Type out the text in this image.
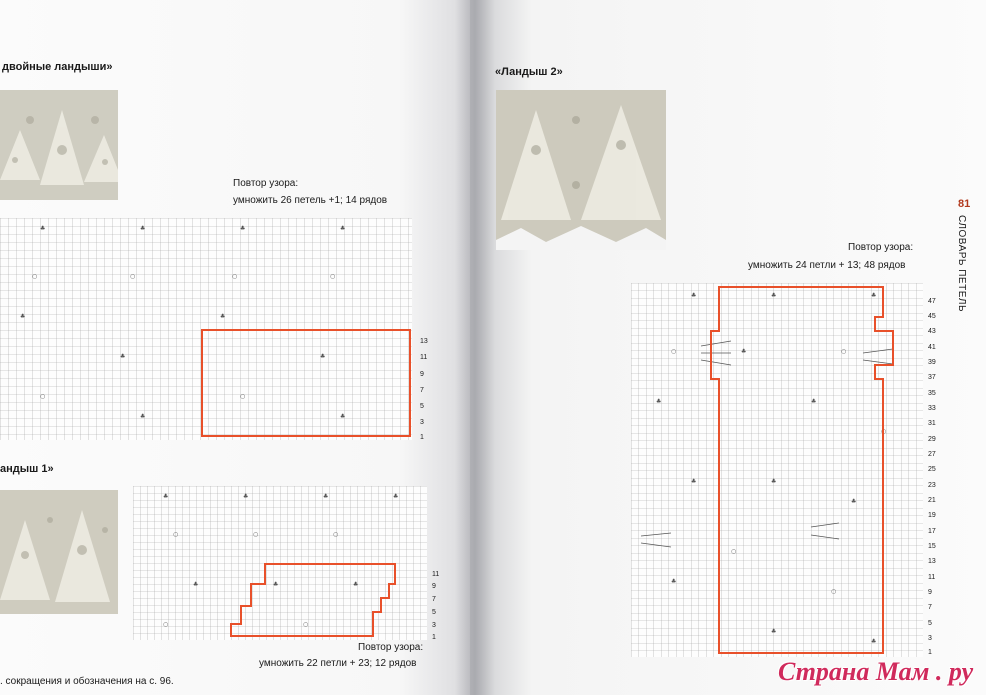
двойные ландыши»
Повтор узора:
умножить 26 петель +1; 14 рядов
♣	♣	♣	♣
○	○	○	○
♣	♣
♣	♣
○	○
♣	♣
13
11
9
7
5
3
1
андыш 1»
♣	♣	♣	♣
○	○	○
♣	♣	♣
○	○
11
9
7
5
3
1
Повтор узора:
умножить 22 петли + 23; 12 рядов
. сокращения и обозначения на с. 96.
«Ландыш 2»
Повтор узора:
умножить 24 петли + 13; 48 рядов
♣	♣	♣
○	♣	○
♣	♣
○
♣	♣
♣
○
♣
○
♣
♣
47
45
43
41
39
37
35
33
31
29
27
25
23
21
19
17
15
13
11
9
7
5
3
1
81
СЛОВАРЬ ПЕТЕЛЬ
Страна Мам . ру
